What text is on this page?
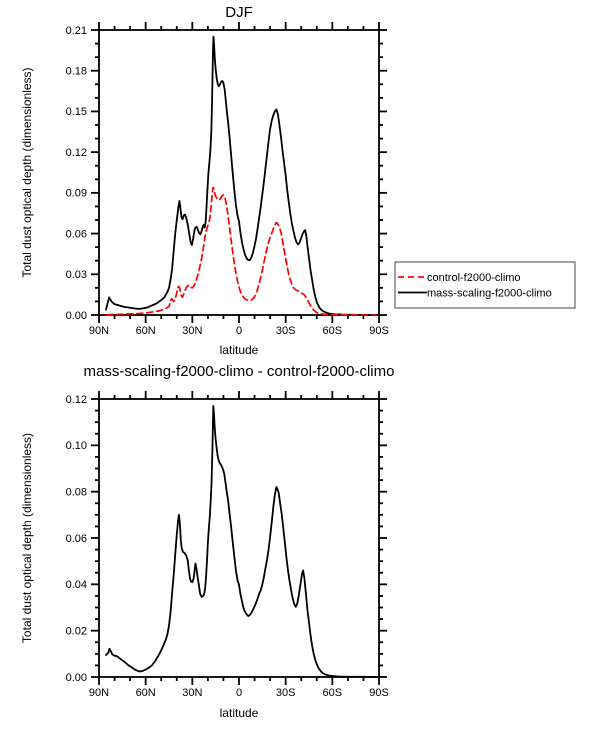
DJF
Total dust optical depth (dimensionless)
latitude
90N 60N 30N	0	30S 60S 90S
0.00
0.03
0.06
0.09
0.12
0.15
0.18
0.21
control-f2000-climo
mass-scaling-f2000-climo
mass-scaling-f2000-climo - control-f2000-climo
Total dust optical depth (dimensionless)
latitude
90N 60N 30N	0	30S 60S 90S
0.00
0.02
0.04
0.06
0.08
0.10
0.12
